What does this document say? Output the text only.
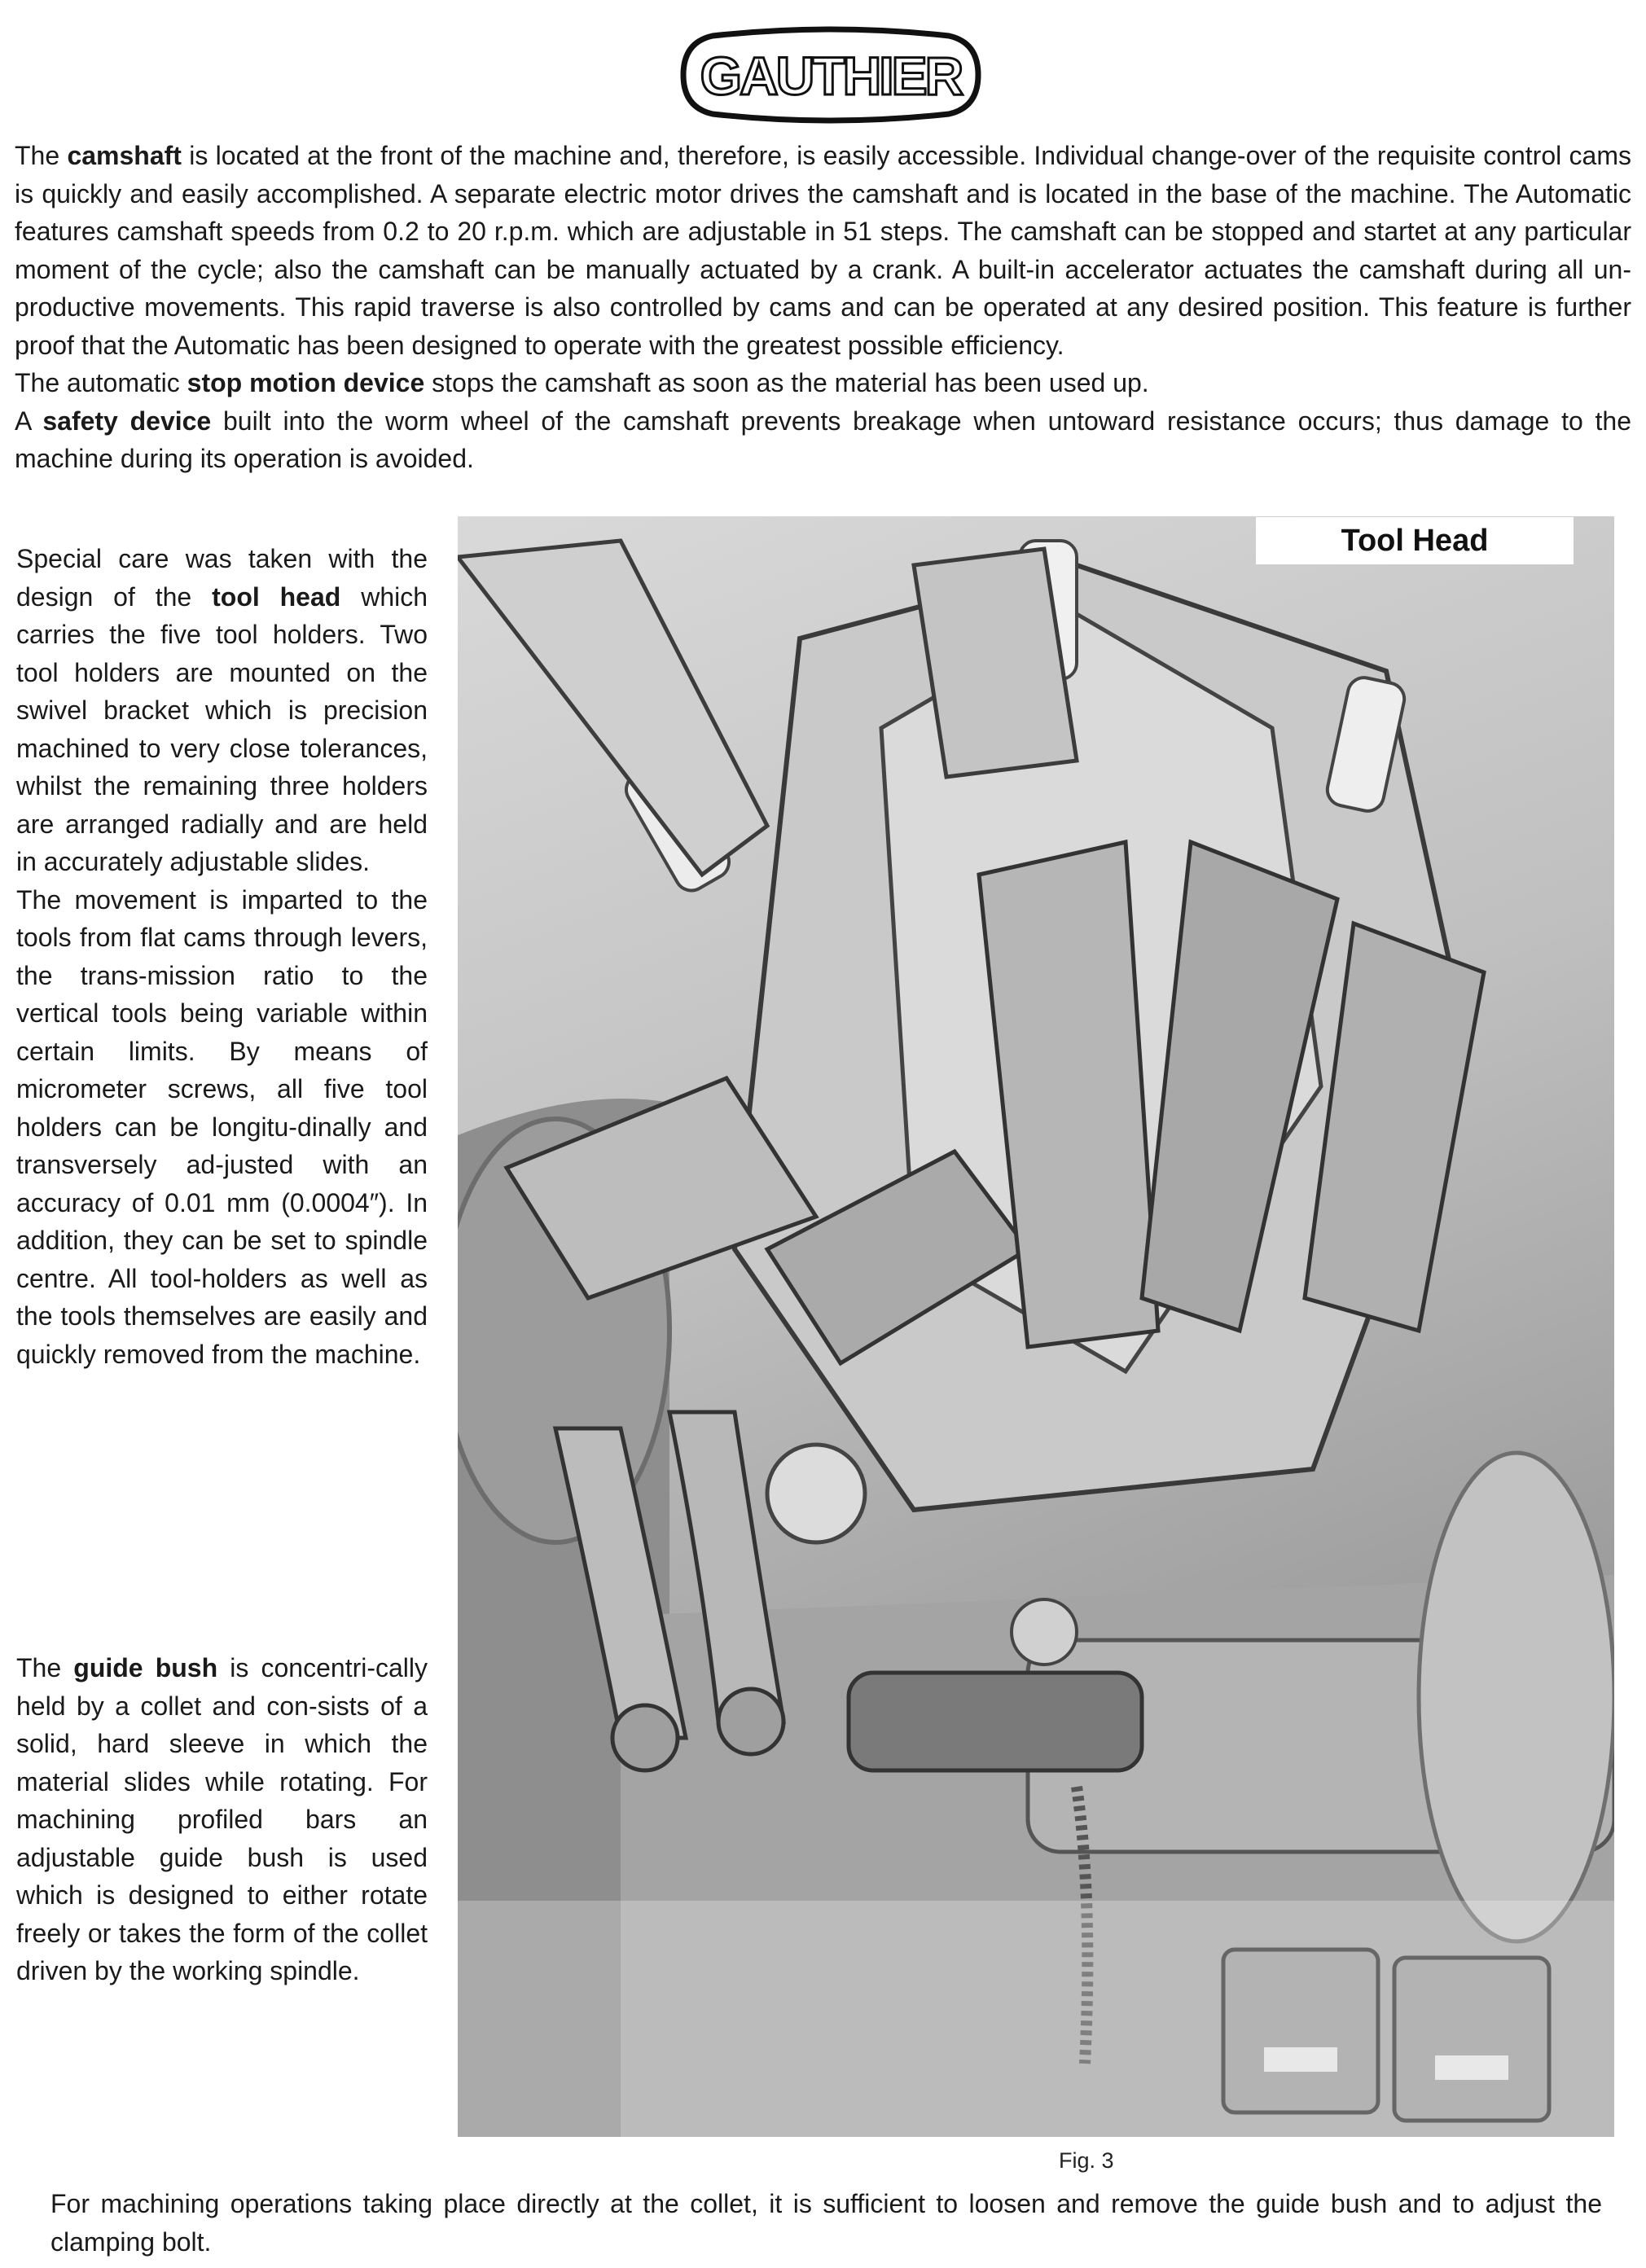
GAUTHIER

The camshaft is located at the front of the machine and, therefore, is easily accessible. Individual change-over of the requisite control cams is quickly and easily accomplished. A separate electric motor drives the camshaft and is located in the base of the machine. The Automatic features camshaft speeds from 0.2 to 20 r.p.m. which are adjustable in 51 steps. The camshaft can be stopped and startet at any particular moment of the cycle; also the camshaft can be manually actuated by a crank. A built-in accelerator actuates the camshaft during all un-productive movements. This rapid traverse is also controlled by cams and can be operated at any desired position. This feature is further proof that the Automatic has been designed to operate with the greatest possible efficiency.

The automatic stop motion device stops the camshaft as soon as the material has been used up.

A safety device built into the worm wheel of the camshaft prevents breakage when untoward resistance occurs; thus damage to the machine during its operation is avoided.

Special care was taken with the design of the tool head which carries the five tool holders. Two tool holders are mounted on the swivel bracket which is precision machined to very close tolerances, whilst the remaining three holders are arranged radially and are held in accurately adjustable slides.

The movement is imparted to the tools from flat cams through levers, the trans-mission ratio to the vertical tools being variable within certain limits. By means of micrometer screws, all five tool holders can be longitu-dinally and transversely ad-justed with an accuracy of 0.01 mm (0.0004″). In addition, they can be set to spindle centre. All tool-holders as well as the tools themselves are easily and quickly removed from the machine.

The guide bush is concentri-cally held by a collet and con-sists of a solid, hard sleeve in which the material slides while rotating. For machining profiled bars an adjustable guide bush is used which is designed to either rotate freely or takes the form of the collet driven by the working spindle.

Tool Head
Fig. 3
For machining operations taking place directly at the collet, it is sufficient to loosen and remove the guide bush and to adjust the clamping bolt.
